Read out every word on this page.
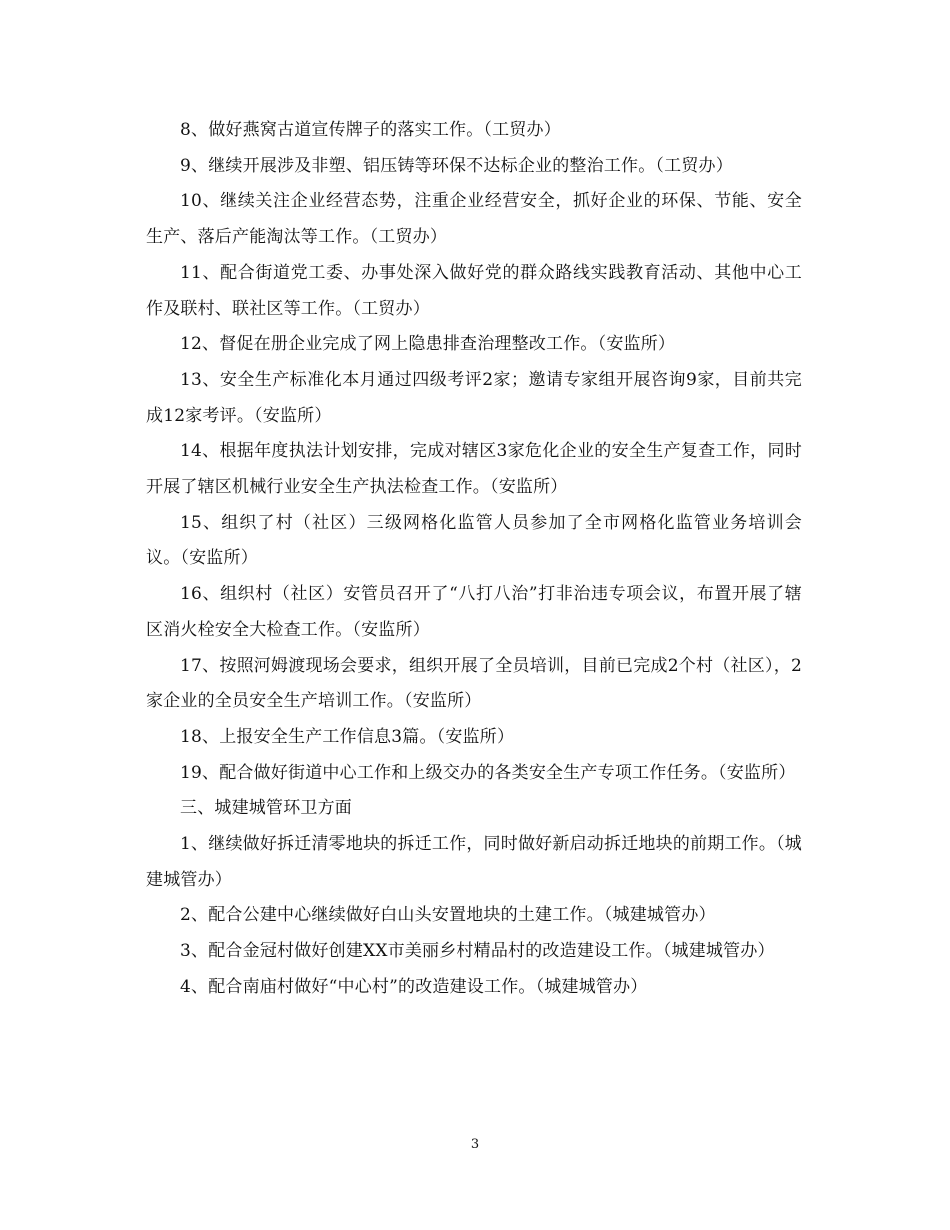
8、做好燕窝古道宣传牌子的落实工作。（工贸办）

9、继续开展涉及非塑、铝压铸等环保不达标企业的整治工作。（工贸办）

10、继续关注企业经营态势，注重企业经营安全，抓好企业的环保、节能、安全生产、落后产能淘汰等工作。（工贸办）

11、配合街道党工委、办事处深入做好党的群众路线实践教育活动、其他中心工作及联村、联社区等工作。（工贸办）

12、督促在册企业完成了网上隐患排查治理整改工作。（安监所）

13、安全生产标准化本月通过四级考评2家；邀请专家组开展咨询9家，目前共完成12家考评。（安监所）

14、根据年度执法计划安排，完成对辖区3家危化企业的安全生产复查工作，同时开展了辖区机械行业安全生产执法检查工作。（安监所）

15、组织了村（社区）三级网格化监管人员参加了全市网格化监管业务培训会议。（安监所）

16、组织村（社区）安管员召开了“八打八治”打非治违专项会议，布置开展了辖区消火栓安全大检查工作。（安监所）

17、按照河姆渡现场会要求，组织开展了全员培训，目前已完成2个村（社区），2家企业的全员安全生产培训工作。（安监所）

18、上报安全生产工作信息3篇。（安监所）

19、配合做好街道中心工作和上级交办的各类安全生产专项工作任务。（安监所）

三、城建城管环卫方面

1、继续做好拆迁清零地块的拆迁工作，同时做好新启动拆迁地块的前期工作。（城建城管办）

2、配合公建中心继续做好白山头安置地块的土建工作。（城建城管办）

3、配合金冠村做好创建XX市美丽乡村精品村的改造建设工作。（城建城管办）

4、配合南庙村做好“中心村”的改造建设工作。（城建城管办）

3
